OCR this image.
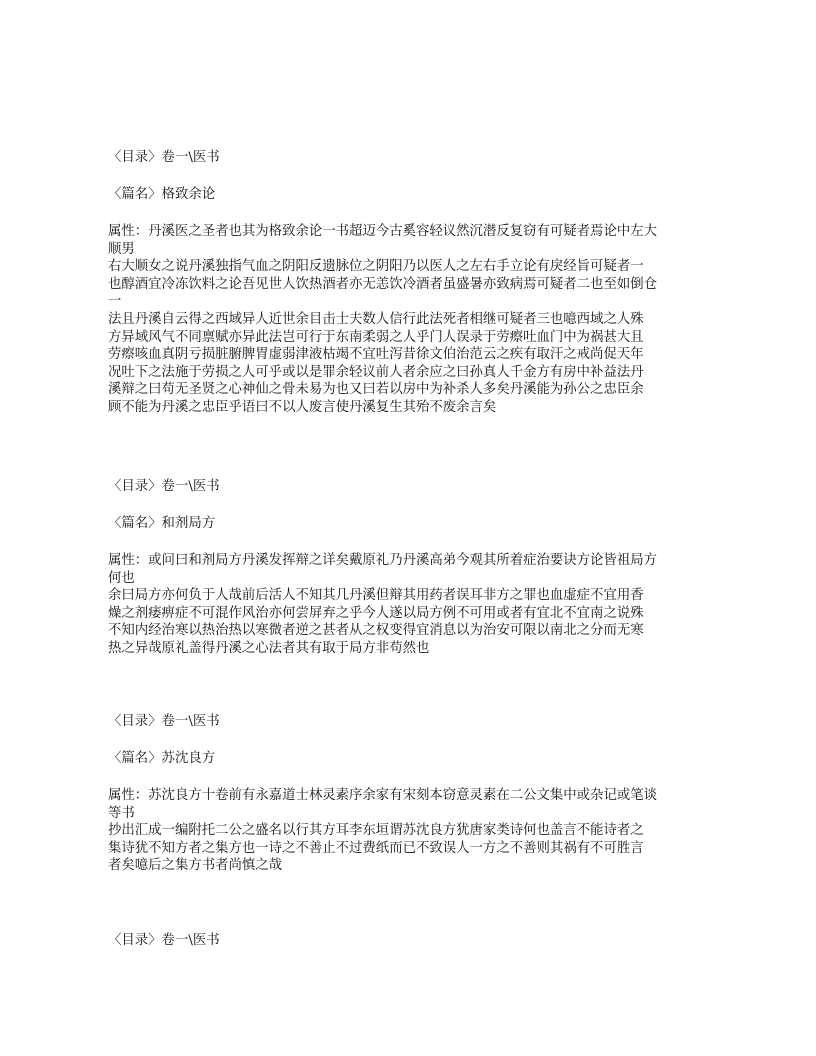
〈目录〉卷一\医书
〈篇名〉格致余论
属性：丹溪医之圣者也其为格致余论一书超迈今古奚容轻议然沉潜反复窃有可疑者焉论中左大
顺男
右大顺女之说丹溪独指气血之阴阳反遗脉位之阴阳乃以医人之左右手立论有戾经旨可疑者一
也醇酒宜冷冻饮料之论吾见世人饮热酒者亦无恙饮冷酒者虽盛暑亦致病焉可疑者二也至如倒仓
一
法且丹溪自云得之西域异人近世余目击士夫数人信行此法死者相继可疑者三也噫西域之人殊
方异域风气不同禀赋亦异此法岂可行于东南柔弱之人乎门人误录于劳瘵吐血门中为祸甚大且
劳瘵咳血真阴亏损脏腑脾胃虚弱津液枯竭不宜吐泻昔徐文伯治范云之疾有取汗之戒尚促天年
况吐下之法施于劳损之人可乎或以是罪余轻议前人者余应之曰孙真人千金方有房中补益法丹
溪辩之曰苟无圣贤之心神仙之骨未易为也又曰若以房中为补杀人多矣丹溪能为孙公之忠臣余
顾不能为丹溪之忠臣乎语曰不以人废言使丹溪复生其殆不废余言矣
〈目录〉卷一\医书
〈篇名〉和剂局方
属性：或问曰和剂局方丹溪发挥辩之详矣戴原礼乃丹溪高弟今观其所着症治要诀方论皆祖局方
何也
余曰局方亦何负于人哉前后活人不知其几丹溪但辩其用药者误耳非方之罪也血虚症不宜用香
燥之剂痿痹症不可混作风治亦何尝屏弃之乎今人遂以局方例不可用或者有宜北不宜南之说殊
不知内经治寒以热治热以寒微者逆之甚者从之权变得宜消息以为治安可限以南北之分而无寒
热之异哉原礼盖得丹溪之心法者其有取于局方非苟然也
〈目录〉卷一\医书
〈篇名〉苏沈良方
属性：苏沈良方十卷前有永嘉道士林灵素序余家有宋刻本窃意灵素在二公文集中或杂记或笔谈
等书
抄出汇成一编附托二公之盛名以行其方耳李东垣谓苏沈良方犹唐家类诗何也盖言不能诗者之
集诗犹不知方者之集方也一诗之不善止不过费纸而已不致误人一方之不善则其祸有不可胜言
者矣噫后之集方书者尚慎之哉
〈目录〉卷一\医书
